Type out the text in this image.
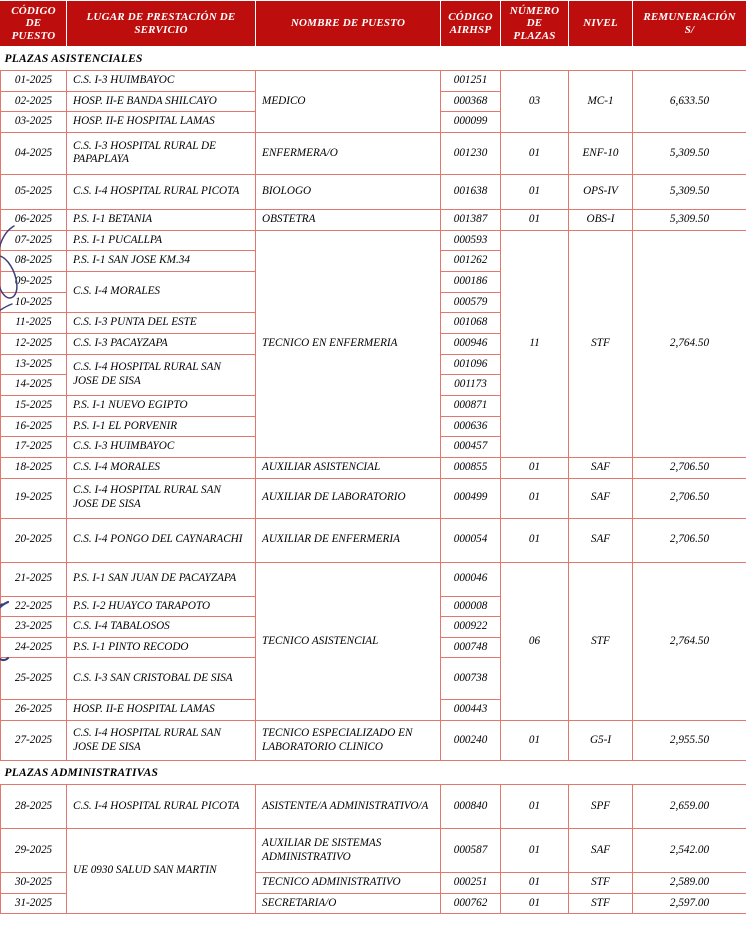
CÓDIGO
DE
PUESTO

LUGAR DE PRESTACIÓN DE
SERVICIO

NOMBRE DE PUESTO

CÓDIGO
AIRHSP

NÚMERO
DE
PLAZAS

NIVEL

REMUNERACIÓN
S/

PLAZAS ASISTENCIALES						
01-2025	C.S. I-3 HUIMBAYOC	MEDICO	001251	03	MC-1	6,633.50
02-2025	HOSP. II-E BANDA SHILCAYO		000368			
03-2025	HOSP. II-E HOSPITAL LAMAS		000099			
04-2025	C.S. I-3 HOSPITAL RURAL DE PAPAPLAYA	ENFERMERA/O	001230	01	ENF-10	5,309.50
05-2025	C.S. I-4 HOSPITAL RURAL PICOTA	BIOLOGO	001638	01	OPS-IV	5,309.50
06-2025	P.S. I-1 BETANIA	OBSTETRA	001387	01	OBS-I	5,309.50
07-2025	P.S. I-1 PUCALLPA	TECNICO EN ENFERMERIA	000593	11	STF	2,764.50
08-2025	P.S. I-1 SAN JOSE KM.34		001262			
09-2025	C.S. I-4 MORALES		000186			
10-2025			000579			
11-2025	C.S. I-3 PUNTA DEL ESTE		001068			
12-2025	C.S. I-3 PACAYZAPA		000946			
13-2025	C.S. I-4 HOSPITAL RURAL SAN JOSE DE SISA		001096			
14-2025			001173			
15-2025	P.S. I-1 NUEVO EGIPTO		000871			
16-2025	P.S. I-1 EL PORVENIR		000636			
17-2025	C.S. I-3 HUIMBAYOC		000457			
18-2025	C.S. I-4 MORALES	AUXILIAR ASISTENCIAL	000855	01	SAF	2,706.50
19-2025	C.S. I-4 HOSPITAL RURAL SAN JOSE DE SISA	AUXILIAR DE LABORATORIO	000499	01	SAF	2,706.50
20-2025	C.S. I-4 PONGO DEL CAYNARACHI	AUXILIAR DE ENFERMERIA	000054	01	SAF	2,706.50
21-2025	P.S. I-1 SAN JUAN DE PACAYZAPA	TECNICO ASISTENCIAL	000046	06	STF	2,764.50
22-2025	P.S. I-2 HUAYCO TARAPOTO		000008			
23-2025	C.S. I-4 TABALOSOS		000922			
24-2025	P.S. I-1 PINTO RECODO		000748			
25-2025	C.S. I-3 SAN CRISTOBAL DE SISA		000738			
26-2025	HOSP. II-E HOSPITAL LAMAS		000443			
27-2025	C.S. I-4 HOSPITAL RURAL SAN JOSE DE SISA	TECNICO ESPECIALIZADO EN LABORATORIO CLINICO	000240	01	G5-I	2,955.50
PLAZAS ADMINISTRATIVAS						
28-2025	C.S. I-4 HOSPITAL RURAL PICOTA	ASISTENTE/A ADMINISTRATIVO/A	000840	01	SPF	2,659.00
29-2025	UE 0930 SALUD SAN MARTIN	AUXILIAR DE SISTEMAS ADMINISTRATIVO	000587	01	SAF	2,542.00
30-2025		TECNICO ADMINISTRATIVO	000251	01	STF	2,589.00
31-2025		SECRETARIA/O	000762	01	STF	2,597.00
